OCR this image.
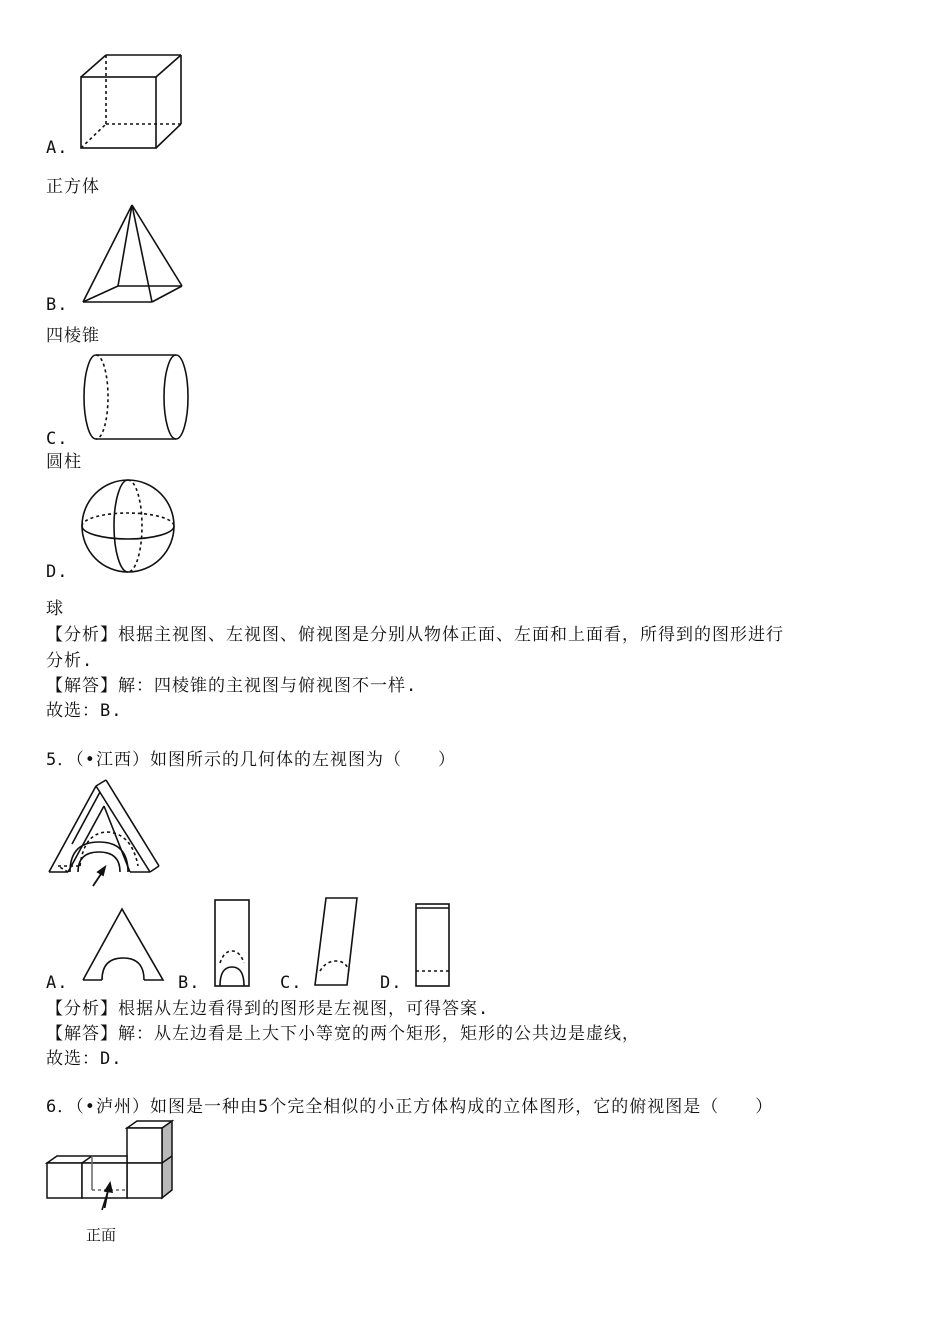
A.
正方体
B.
四棱锥
C.
圆柱
D.
球
【分析】根据主视图、左视图、俯视图是分别从物体正面、左面和上面看，所得到的图形进行
分析.
【解答】解：四棱锥的主视图与俯视图不一样.
故选：B.
5．（•江西）如图所示的几何体的左视图为（　　）
A.	B.	C.	D.
【分析】根据从左边看得到的图形是左视图，可得答案.
【解答】解：从左边看是上大下小等宽的两个矩形，矩形的公共边是虚线，
故选：D.
6．（•泸州）如图是一种由5个完全相似的小正方体构成的立体图形，它的俯视图是（　　）
正面
